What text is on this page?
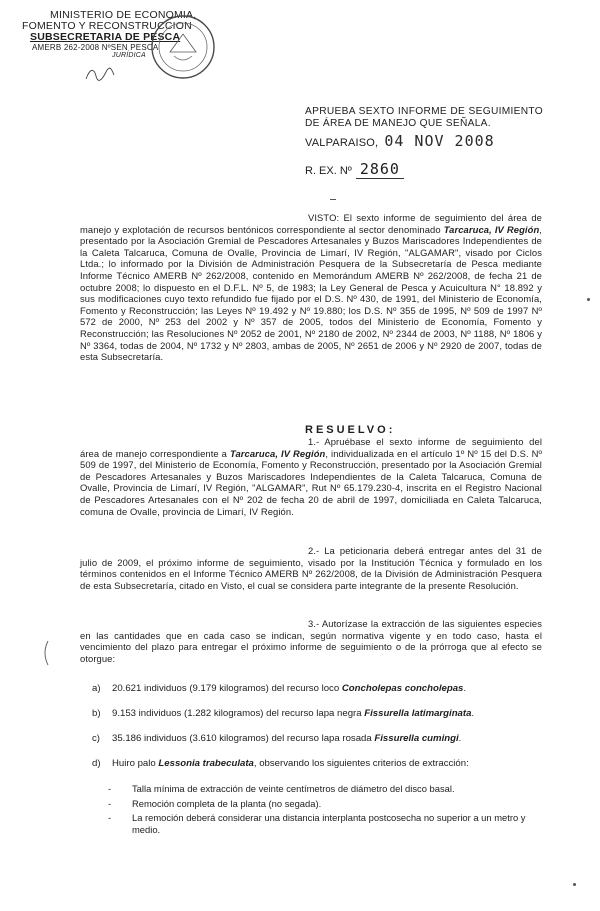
MINISTERIO DE ECONOMIA,
FOMENTO Y RECONSTRUCCION
SUBSECRETARIA DE PESCA
AMERB 262-2008 NºSEN PESCA
JURÍDICA
APRUEBA SEXTO INFORME DE SEGUIMIENTO DE ÁREA DE MANEJO QUE SEÑALA.
VALPARAISO, 04 NOV 2008
R. EX. Nº 2860
VISTO: El sexto informe de seguimiento del área de manejo y explotación de recursos bentónicos correspondiente al sector denominado Tarcaruca, IV Región, presentado por la Asociación Gremial de Pescadores Artesanales y Buzos Mariscadores Independientes de la Caleta Talcaruca, Comuna de Ovalle, Provincia de Limarí, IV Región, "ALGAMAR", visado por Ciclos Ltda.; lo informado por la División de Administración Pesquera de la Subsecretaría de Pesca mediante Informe Técnico AMERB Nº 262/2008, contenido en Memorándum AMERB Nº 262/2008, de fecha 21 de octubre 2008; lo dispuesto en el D.F.L. Nº 5, de 1983; la Ley General de Pesca y Acuicultura N° 18.892 y sus modificaciones cuyo texto refundido fue fijado por el D.S. Nº 430, de 1991, del Ministerio de Economía, Fomento y Reconstrucción; las Leyes Nº 19.492 y Nº 19.880; los D.S. Nº 355 de 1995, Nº 509 de 1997 Nº 572 de 2000, Nº 253 del 2002 y Nº 357 de 2005, todos del Ministerio de Economía, Fomento y Reconstrucción; las Resoluciones Nº 2052 de 2001, Nº 2180 de 2002, Nº 2344 de 2003, Nº 1188, Nº 1806 y Nº 3364, todas de 2004, Nº 1732 y Nº 2803, ambas de 2005, Nº 2651 de 2006 y Nº 2920 de 2007, todas de esta Subsecretaría.
RESUELVO:
1.- Apruébase el sexto informe de seguimiento del área de manejo correspondiente a Tarcaruca, IV Región, individualizada en el artículo 1º Nº 15 del D.S. Nº 509 de 1997, del Ministerio de Economía, Fomento y Reconstrucción, presentado por la Asociación Gremial de Pescadores Artesanales y Buzos Mariscadores Independientes de la Caleta Talcaruca, Comuna de Ovalle, Provincia de Limarí, IV Región, "ALGAMAR", Rut Nº 65.179.230-4, inscrita en el Registro Nacional de Pescadores Artesanales con el Nº 202 de fecha 20 de abril de 1997, domiciliada en Caleta Talcaruca, comuna de Ovalle, provincia de Limarí, IV Región.
2.- La peticionaria deberá entregar antes del 31 de julio de 2009, el próximo informe de seguimiento, visado por la Institución Técnica y formulado en los términos contenidos en el Informe Técnico AMERB Nº 262/2008, de la División de Administración Pesquera de esta Subsecretaría, citado en Visto, el cual se considera parte integrante de la presente Resolución.
3.- Autorízase la extracción de las siguientes especies en las cantidades que en cada caso se indican, según normativa vigente y en todo caso, hasta el vencimiento del plazo para entregar el próximo informe de seguimiento o de la prórroga que al efecto se otorgue:
a) 20.621 individuos (9.179 kilogramos) del recurso loco Concholepas concholepas.
b) 9.153 individuos (1.282 kilogramos) del recurso lapa negra Fissurella latimarginata.
c) 35.186 individuos (3.610 kilogramos) del recurso lapa rosada Fissurella cumingi.
d) Huiro palo Lessonia trabeculata, observando los siguientes criterios de extracción:
-	Talla mínima de extracción de veinte centímetros de diámetro del disco basal.
-	Remoción completa de la planta (no segada).
-	La remoción deberá considerar una distancia interplanta postcosecha no superior a un metro y medio.
